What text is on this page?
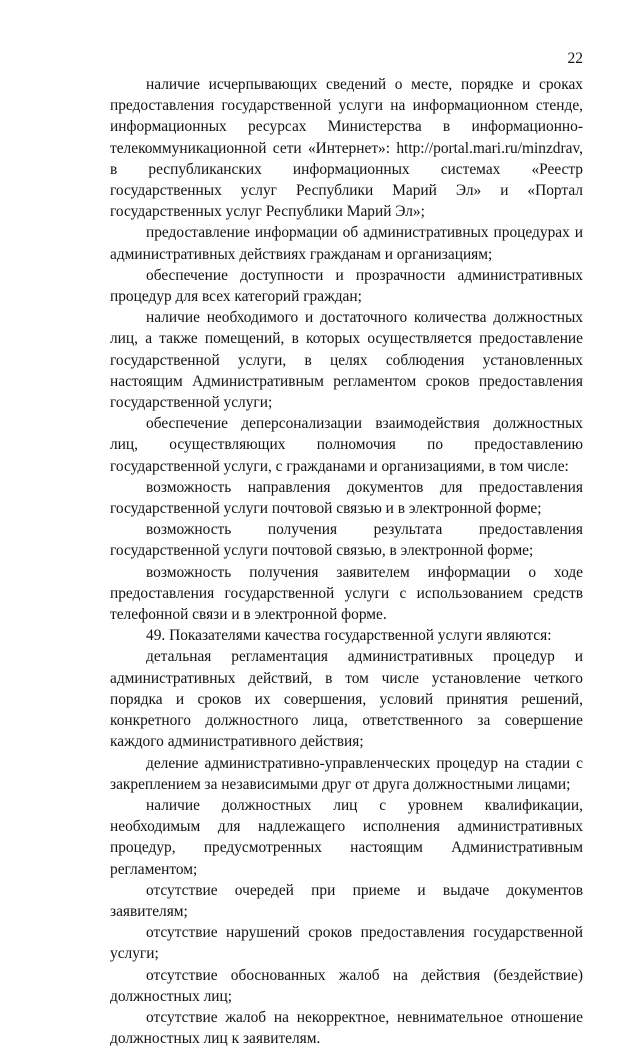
22

наличие исчерпывающих сведений о месте, порядке и сроках предоставления государственной услуги на информационном стенде, информационных ресурсах Министерства в информационно-телекоммуникационной сети «Интернет»: http://portal.mari.ru/minzdrav, в республиканских информационных системах «Реестр государственных услуг Республики Марий Эл» и «Портал государственных услуг Республики Марий Эл»;

предоставление информации об административных процедурах и административных действиях гражданам и организациям;

обеспечение доступности и прозрачности административных процедур для всех категорий граждан;

наличие необходимого и достаточного количества должностных лиц, а также помещений, в которых осуществляется предоставление государственной услуги, в целях соблюдения установленных настоящим Административным регламентом сроков предоставления государственной услуги;

обеспечение деперсонализации взаимодействия должностных лиц, осуществляющих полномочия по предоставлению государственной услуги, с гражданами и организациями, в том числе:

возможность направления документов для предоставления государственной услуги почтовой связью и в электронной форме;

возможность получения результата предоставления государственной услуги почтовой связью, в электронной форме;

возможность получения заявителем информации о ходе предоставления государственной услуги с использованием средств телефонной связи и в электронной форме.

49. Показателями качества государственной услуги являются:

детальная регламентация административных процедур и административных действий, в том числе установление четкого порядка и сроков их совершения, условий принятия решений, конкретного должностного лица, ответственного за совершение каждого административного действия;

деление административно-управленческих процедур на стадии с закреплением за независимыми друг от друга должностными лицами;

наличие должностных лиц с уровнем квалификации, необходимым для надлежащего исполнения административных процедур, предусмотренных настоящим Административным регламентом;

отсутствие очередей при приеме и выдаче документов заявителям;

отсутствие нарушений сроков предоставления государственной услуги;

отсутствие обоснованных жалоб на действия (бездействие) должностных лиц;

отсутствие жалоб на некорректное, невнимательное отношение должностных лиц к заявителям.
